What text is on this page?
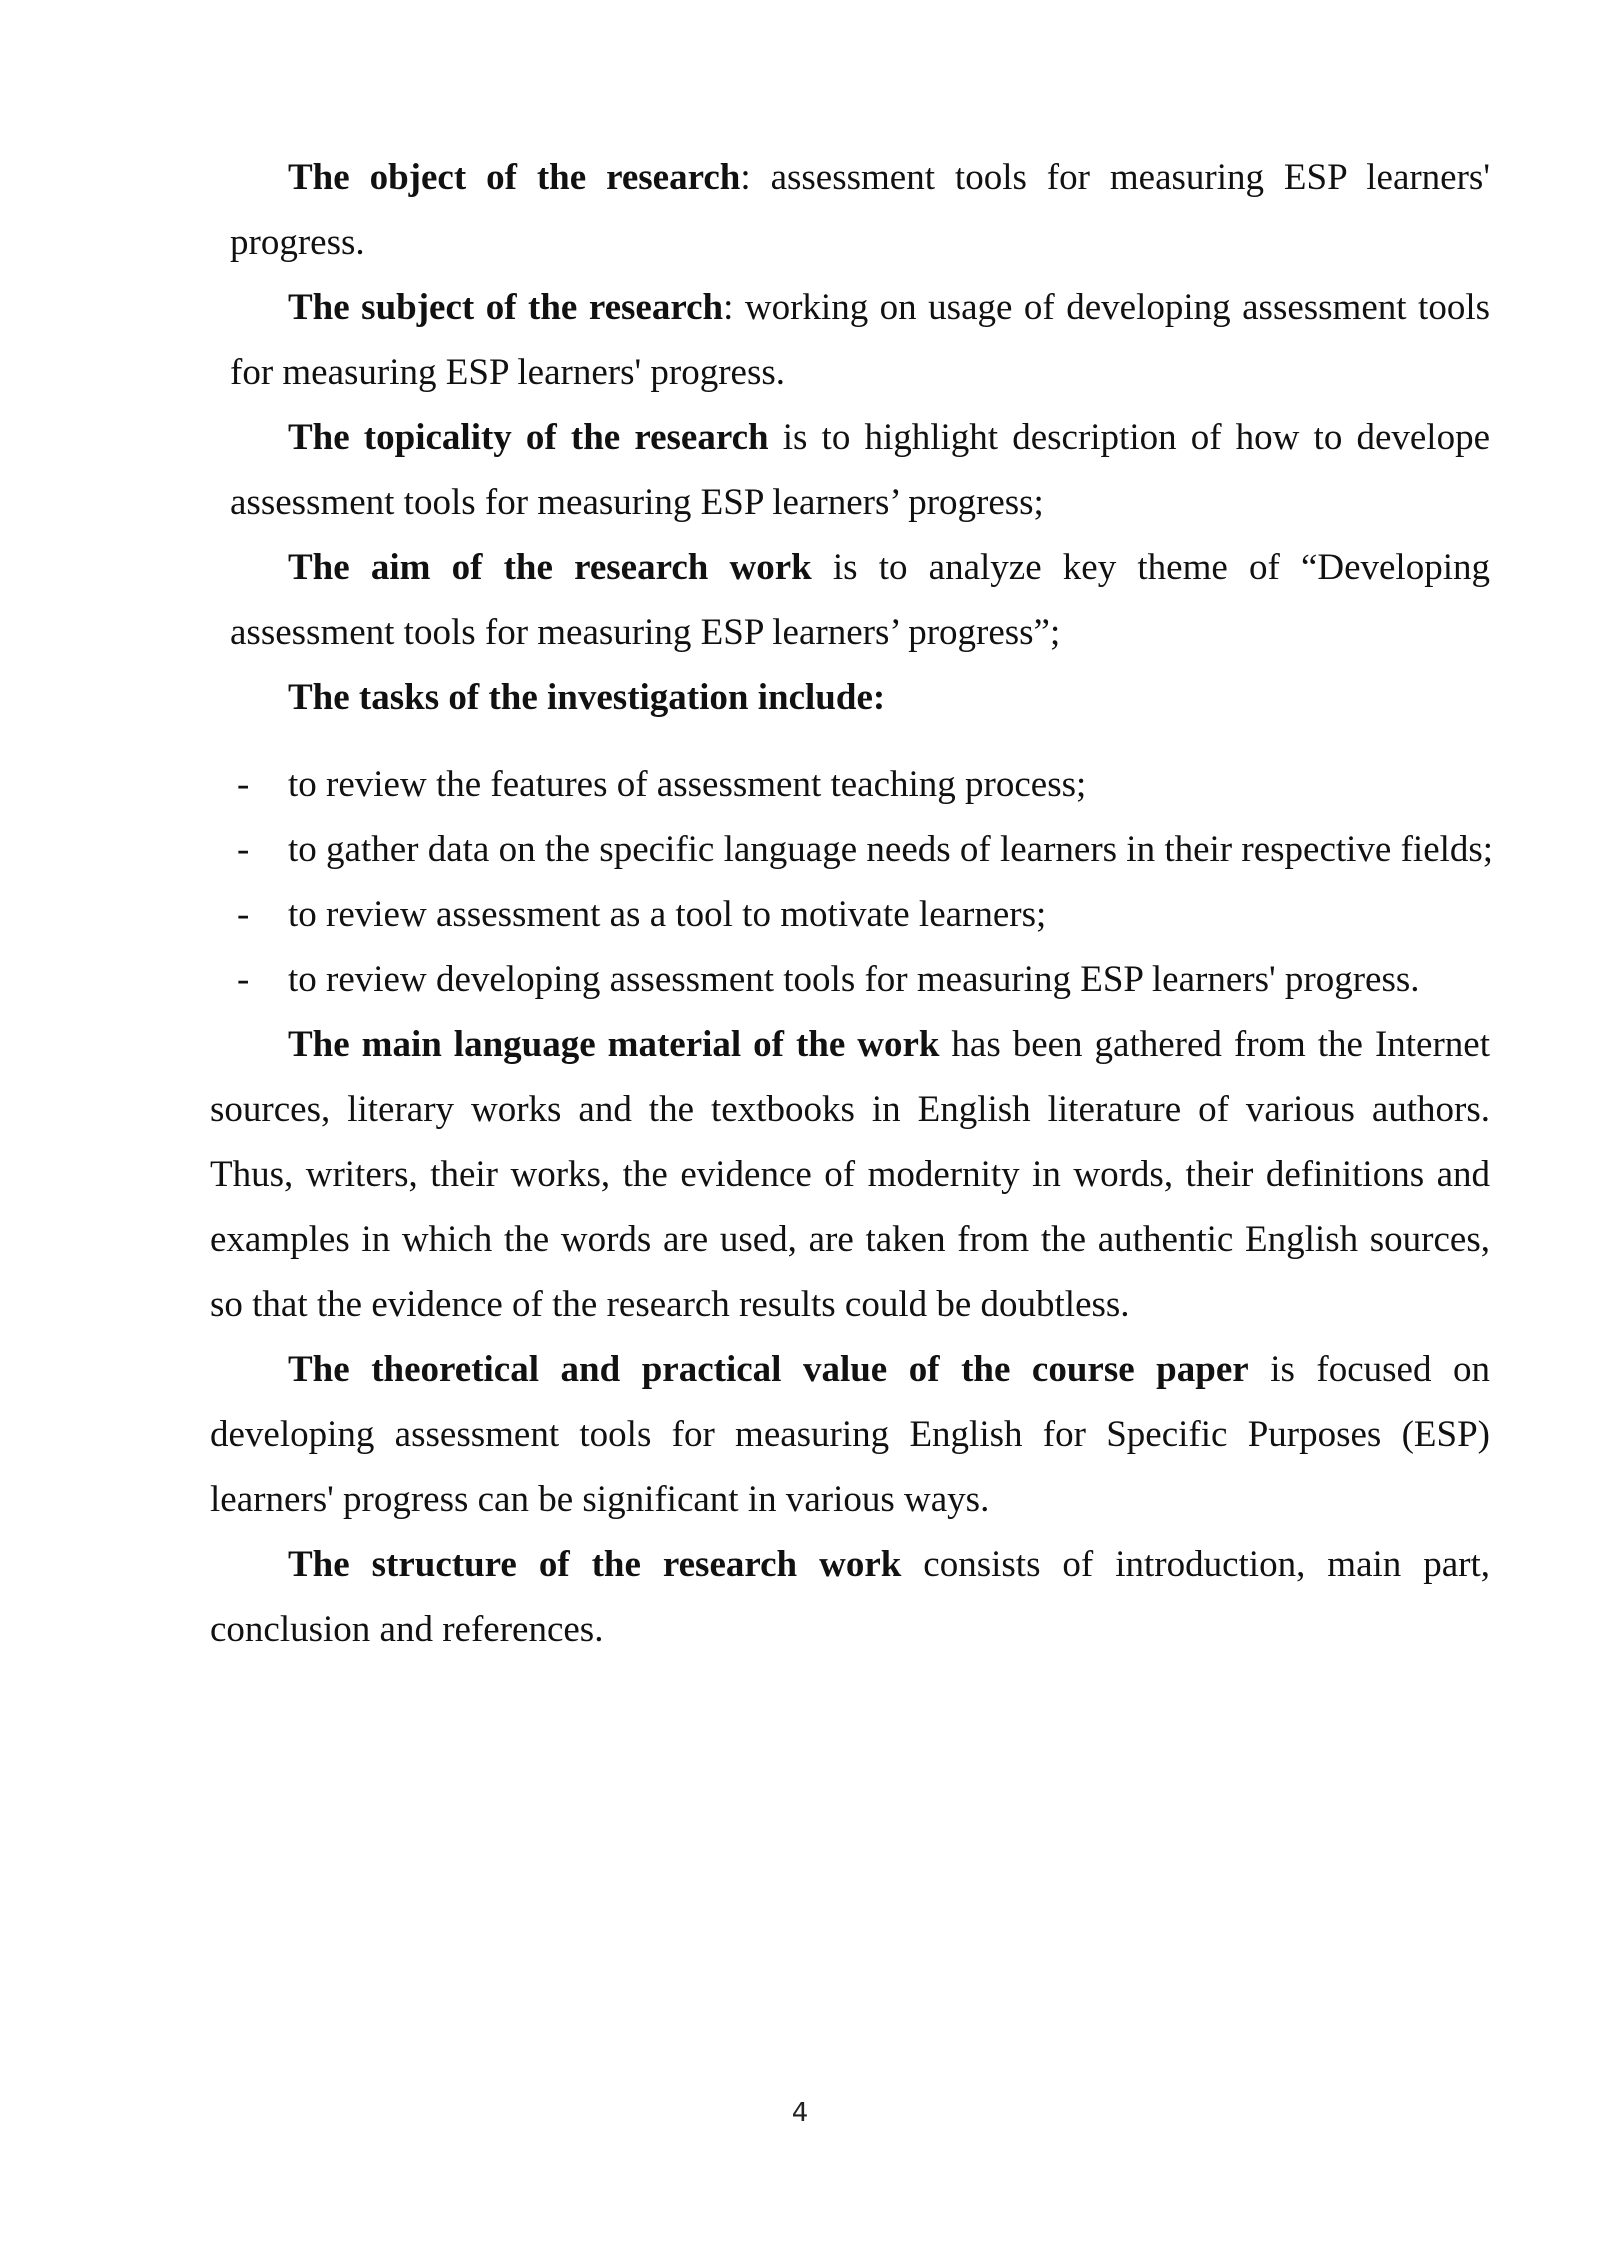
The object of the research: assessment tools for measuring ESP learners' progress.

The subject of the research: working on usage of developing assessment tools for measuring ESP learners' progress.

The topicality of the research is to highlight description of how to develope assessment tools for measuring ESP learners’ progress;

The aim of the research work is to analyze key theme of “Developing assessment tools for measuring ESP learners’ progress”;

The tasks of the investigation include:

- to review the features of assessment teaching process;
- to gather data on the specific language needs of learners in their respective fields;
- to review assessment as a tool to motivate learners;
- to review developing assessment tools for measuring ESP learners' progress.

The main language material of the work has been gathered from the Internet sources, literary works and the textbooks in English literature of various authors. Thus, writers, their works, the evidence of modernity in words, their definitions and examples in which the words are used, are taken from the authentic English sources, so that the evidence of the research results could be doubtless.

The theoretical and practical value of the course paper is focused on developing assessment tools for measuring English for Specific Purposes (ESP) learners' progress can be significant in various ways.

The structure of the research work consists of introduction, main part, conclusion and references.

4
